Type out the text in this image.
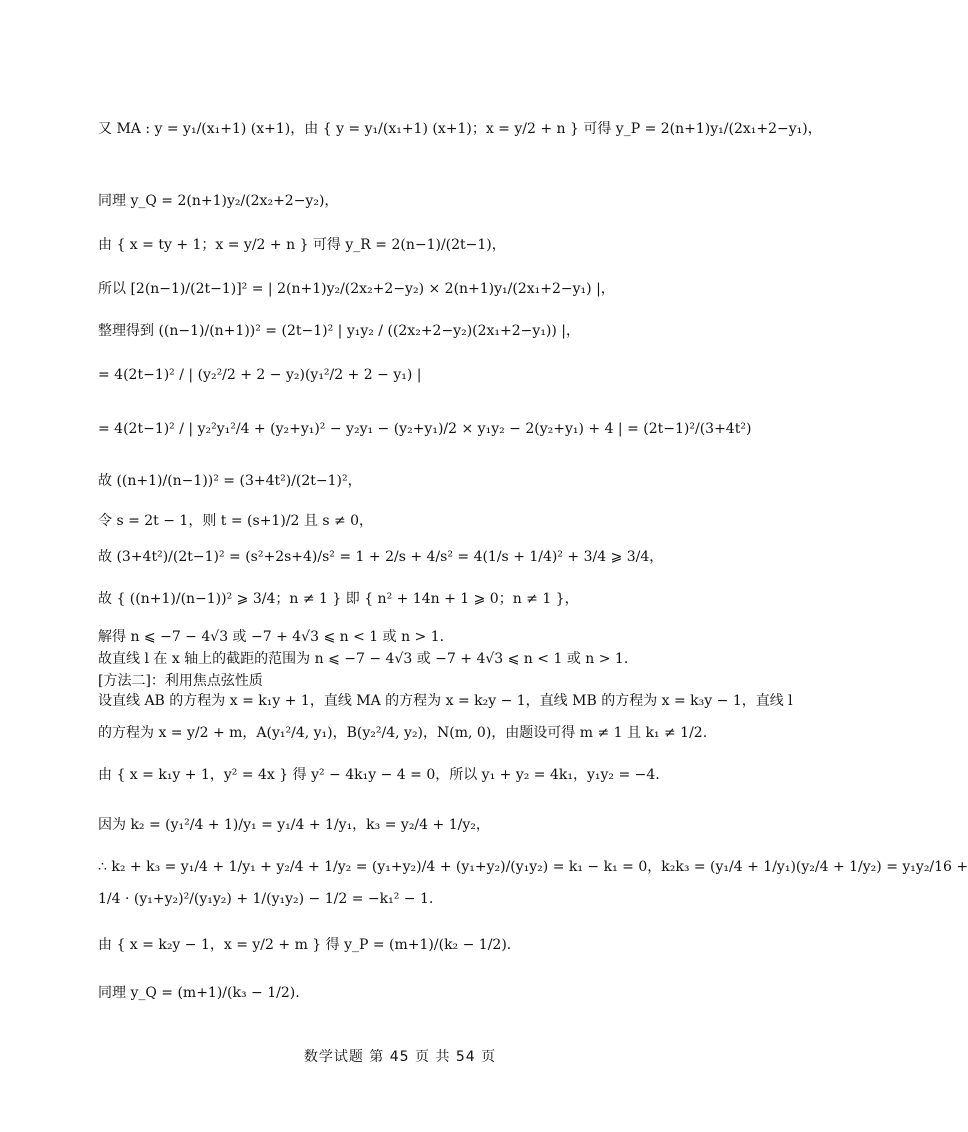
又 MA : y = y₁/(x₁+1) (x+1)，由 { y = y₁/(x₁+1) (x+1)；x = y/2 + n } 可得 y_P = 2(n+1)y₁/(2x₁+2−y₁)，
同理 y_Q = 2(n+1)y₂/(2x₂+2−y₂)，
由 { x = ty + 1；x = y/2 + n } 可得 y_R = 2(n−1)/(2t−1)，
所以 [2(n−1)/(2t−1)]² = | 2(n+1)y₂/(2x₂+2−y₂) × 2(n+1)y₁/(2x₁+2−y₁) |，
整理得到 ((n−1)/(n+1))² = (2t−1)² | y₁y₂ / ((2x₂+2−y₂)(2x₁+2−y₁)) |，
= 4(2t−1)² / | (y₂²/2 + 2 − y₂)(y₁²/2 + 2 − y₁) |
= 4(2t−1)² / | y₂²y₁²/4 + (y₂+y₁)² − y₂y₁ − (y₂+y₁)/2 × y₁y₂ − 2(y₂+y₁) + 4 | = (2t−1)²/(3+4t²)
故 ((n+1)/(n−1))² = (3+4t²)/(2t−1)²，
令 s = 2t − 1，则 t = (s+1)/2 且 s ≠ 0，
故 (3+4t²)/(2t−1)² = (s²+2s+4)/s² = 1 + 2/s + 4/s² = 4(1/s + 1/4)² + 3/4 ⩾ 3/4，
故 { ((n+1)/(n−1))² ⩾ 3/4；n ≠ 1 } 即 { n² + 14n + 1 ⩾ 0；n ≠ 1 }，
解得 n ⩽ −7 − 4√3 或 −7 + 4√3 ⩽ n < 1 或 n > 1.
故直线 l 在 x 轴上的截距的范围为 n ⩽ −7 − 4√3 或 −7 + 4√3 ⩽ n < 1 或 n > 1.
[方法二]：利用焦点弦性质
设直线 AB 的方程为 x = k₁y + 1，直线 MA 的方程为 x = k₂y − 1，直线 MB 的方程为 x = k₃y − 1，直线 l
的方程为 x = y/2 + m，A(y₁²/4, y₁)，B(y₂²/4, y₂)，N(m, 0)，由题设可得 m ≠ 1 且 k₁ ≠ 1/2.
由 { x = k₁y + 1，y² = 4x } 得 y² − 4k₁y − 4 = 0，所以 y₁ + y₂ = 4k₁，y₁y₂ = −4.
因为 k₂ = (y₁²/4 + 1)/y₁ = y₁/4 + 1/y₁，k₃ = y₂/4 + 1/y₂，
∴ k₂ + k₃ = y₁/4 + 1/y₁ + y₂/4 + 1/y₂ = (y₁+y₂)/4 + (y₁+y₂)/(y₁y₂) = k₁ − k₁ = 0，k₂k₃ = (y₁/4 + 1/y₁)(y₂/4 + 1/y₂) = y₁y₂/16 +
1/4 · (y₁+y₂)²/(y₁y₂) + 1/(y₁y₂) − 1/2 = −k₁² − 1.
由 { x = k₂y − 1，x = y/2 + m } 得 y_P = (m+1)/(k₂ − 1/2).
同理 y_Q = (m+1)/(k₃ − 1/2).
数学试题 第 45 页 共 54 页
